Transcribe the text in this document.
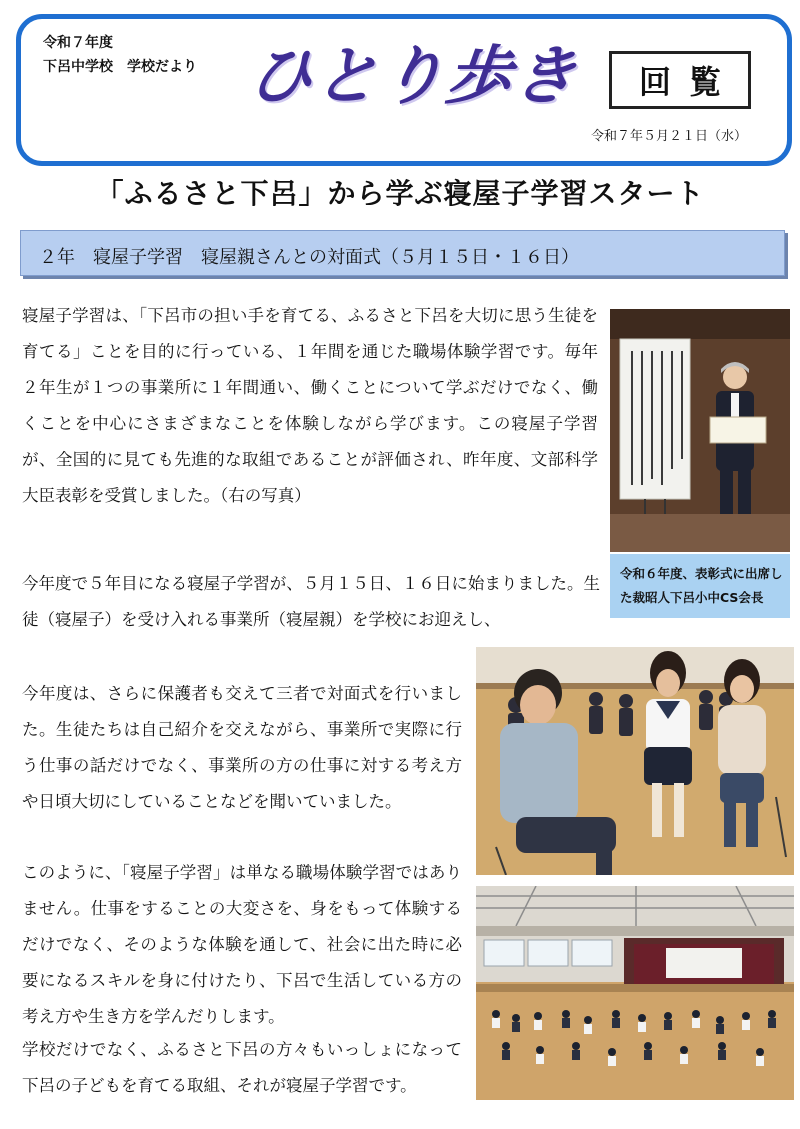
令和７年度
下呂中学校　学校だより ひとり歩き	回覧
令和７年５月２１日（水）
「ふるさと下呂」から学ぶ寝屋子学習スタート
２年　寝屋子学習　寝屋親さんとの対面式（５月１５日・１６日）
寝屋子学習は、「下呂市の担い手を育てる、ふるさと下呂を大切に思う生徒を育てる」ことを目的に行っている、１年間を通じた職場体験学習です。毎年２年生が１つの事業所に１年間通い、働くことについて学ぶだけでなく、働くことを中心にさまざまなことを体験しながら学びます。この寝屋子学習が、全国的に見ても先進的な取組であることが評価され、昨年度、文部科学大臣表彰を受賞しました。（右の写真）
今年度で５年目になる寝屋子学習が、５月１５日、１６日に始まりました。生徒（寝屋子）を受け入れる事業所（寝屋親）を学校にお迎えし、
今年度は、さらに保護者も交えて三者で対面式を行いました。生徒たちは自己紹介を交えながら、事業所で実際に行う仕事の話だけでなく、事業所の方の仕事に対する考え方や日頃大切にしていることなどを聞いていました。
このように、「寝屋子学習」は単なる職場体験学習ではありません。仕事をすることの大変さを、身をもって体験するだけでなく、そのような体験を通して、社会に出た時に必要になるスキルを身に付けたり、下呂で生活している方の考え方や生き方を学んだりします。
学校だけでなく、ふるさと下呂の方々もいっしょになって下呂の子どもを育てる取組、それが寝屋子学習です。
令和６年度、表彰式に出席した裁昭人下呂小中CS会長
